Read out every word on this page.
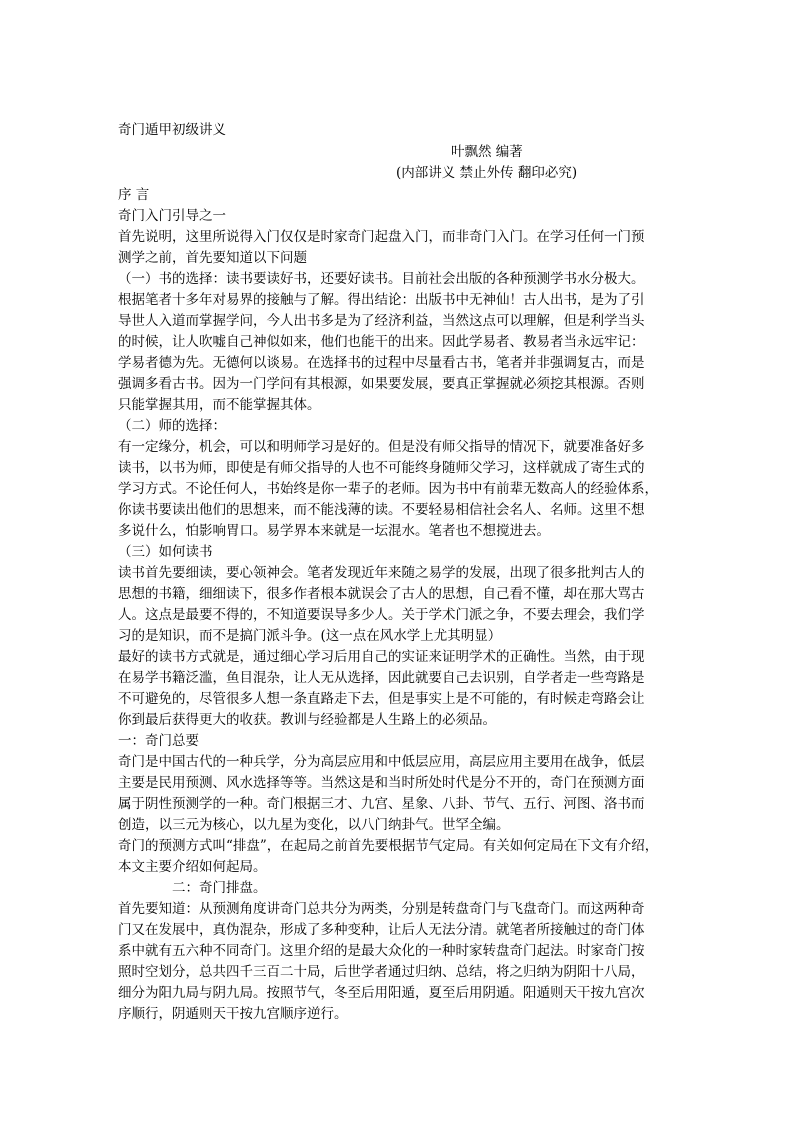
奇门遁甲初级讲义
叶飘然 编著
(内部讲义 禁止外传 翻印必究)
序 言
奇门入门引导之一
首先说明，这里所说得入门仅仅是时家奇门起盘入门，而非奇门入门。在学习任何一门预
测学之前，首先要知道以下问题
（一）书的选择：读书要读好书，还要好读书。目前社会出版的各种预测学书水分极大。
根据笔者十多年对易界的接触与了解。得出结论：出版书中无神仙！古人出书，是为了引
导世人入道而掌握学问，今人出书多是为了经济利益，当然这点可以理解，但是利学当头
的时候，让人吹嘘自己神似如来，他们也能干的出来。因此学易者、教易者当永远牢记：
学易者德为先。无德何以谈易。在选择书的过程中尽量看古书，笔者并非强调复古，而是
强调多看古书。因为一门学问有其根源，如果要发展，要真正掌握就必须挖其根源。否则
只能掌握其用，而不能掌握其体。
（二）师的选择：
有一定缘分，机会，可以和明师学习是好的。但是没有师父指导的情况下，就要准备好多
读书，以书为师，即使是有师父指导的人也不可能终身随师父学习，这样就成了寄生式的
学习方式。不论任何人，书始终是你一辈子的老师。因为书中有前辈无数高人的经验体系，
你读书要读出他们的思想来，而不能浅薄的读。不要轻易相信社会名人、名师。这里不想
多说什么，怕影响胃口。易学界本来就是一坛混水。笔者也不想搅进去。
（三）如何读书
读书首先要细读，要心领神会。笔者发现近年来随之易学的发展，出现了很多批判古人的
思想的书籍，细细读下，很多作者根本就误会了古人的思想，自己看不懂，却在那大骂古
人。这点是最要不得的，不知道要误导多少人。关于学术门派之争，不要去理会，我们学
习的是知识，而不是搞门派斗争。(这一点在风水学上尤其明显）
最好的读书方式就是，通过细心学习后用自己的实证来证明学术的正确性。当然，由于现
在易学书籍泛滥，鱼目混杂，让人无从选择，因此就要自己去识别，自学者走一些弯路是
不可避免的，尽管很多人想一条直路走下去，但是事实上是不可能的，有时候走弯路会让
你到最后获得更大的收获。教训与经验都是人生路上的必须品。
一：奇门总要
奇门是中国古代的一种兵学，分为高层应用和中低层应用，高层应用主要用在战争，低层
主要是民用预测、风水选择等等。当然这是和当时所处时代是分不开的，奇门在预测方面
属于阴性预测学的一种。奇门根据三才、九宫、星象、八卦、节气、五行、河图、洛书而
创造，以三元为核心，以九星为变化，以八门纳卦气。世罕全编。
奇门的预测方式叫“排盘”，在起局之前首先要根据节气定局。有关如何定局在下文有介绍，
本文主要介绍如何起局。
二：奇门排盘。
首先要知道：从预测角度讲奇门总共分为两类，分别是转盘奇门与飞盘奇门。而这两种奇
门又在发展中，真伪混杂，形成了多种变种，让后人无法分清。就笔者所接触过的奇门体
系中就有五六种不同奇门。这里介绍的是最大众化的一种时家转盘奇门起法。时家奇门按
照时空划分，总共四千三百二十局，后世学者通过归纳、总结，将之归纳为阴阳十八局，
细分为阳九局与阴九局。按照节气，冬至后用阳遁，夏至后用阴遁。阳遁则天干按九宫次
序顺行，阴遁则天干按九宫顺序逆行。
